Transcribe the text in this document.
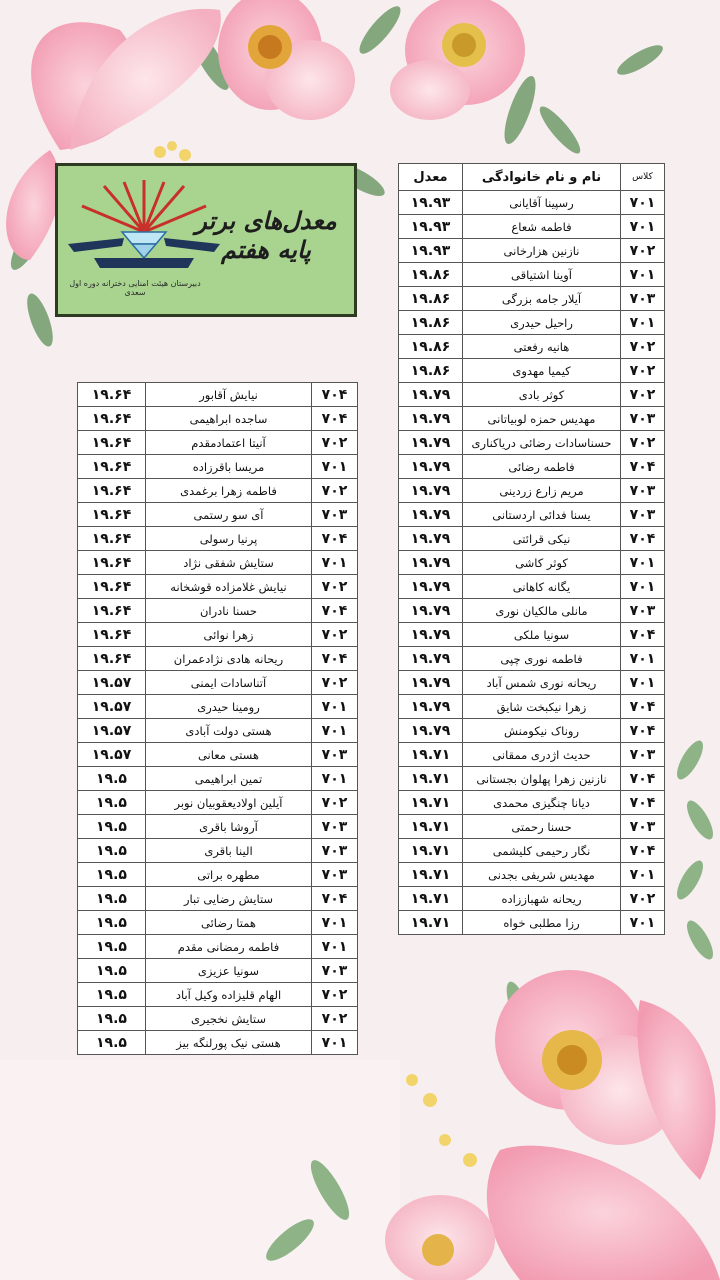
معدل‌های برتر پایه هفتم
دبیرستان هیئت امنایی دخترانه دوره اول سعدی
کلاس	نام و نام خانوادگی	معدل
۷۰۱	رسپینا آقایانی	۱۹.۹۳
۷۰۱	فاطمه شعاع	۱۹.۹۳
۷۰۲	نازنین هزارخانی	۱۹.۹۳
۷۰۱	آوینا اشتیاقی	۱۹.۸۶
۷۰۳	آیلار جامه بزرگی	۱۹.۸۶
۷۰۱	راحیل حیدری	۱۹.۸۶
۷۰۲	هانیه رفعتی	۱۹.۸۶
۷۰۲	کیمیا مهدوی	۱۹.۸۶
۷۰۲	کوثر بادی	۱۹.۷۹
۷۰۳	مهدیس حمزه لوبیاتانی	۱۹.۷۹
۷۰۲	حسناسادات رضائی دریاکناری	۱۹.۷۹
۷۰۴	فاطمه رضائی	۱۹.۷۹
۷۰۳	مریم زارع زردینی	۱۹.۷۹
۷۰۳	یسنا فدائی اردستانی	۱۹.۷۹
۷۰۴	نیکی قرائتی	۱۹.۷۹
۷۰۱	کوثر کاشی	۱۹.۷۹
۷۰۱	یگانه کاهانی	۱۹.۷۹
۷۰۳	مانلی مالکیان نوری	۱۹.۷۹
۷۰۴	سونیا ملکی	۱۹.۷۹
۷۰۱	فاطمه نوری چپی	۱۹.۷۹
۷۰۱	ریحانه نوری شمس آباد	۱۹.۷۹
۷۰۴	زهرا نیکبخت شایق	۱۹.۷۹
۷۰۴	روناک نیکومنش	۱۹.۷۹
۷۰۳	حدیث اژدری ممقانی	۱۹.۷۱
۷۰۴	نازنین زهرا پهلوان بجستانی	۱۹.۷۱
۷۰۴	دیانا چنگیزی محمدی	۱۹.۷۱
۷۰۳	حسنا رحمتی	۱۹.۷۱
۷۰۴	نگار رحیمی کلیشمی	۱۹.۷۱
۷۰۱	مهدیس شریفی بجدنی	۱۹.۷۱
۷۰۲	ریحانه شهباززاده	۱۹.۷۱
۷۰۱	رزا مطلبی خواه	۱۹.۷۱
۷۰۴	نیایش آقابور	۱۹.۶۴
۷۰۴	ساجده ابراهیمی	۱۹.۶۴
۷۰۲	آنیتا اعتمادمقدم	۱۹.۶۴
۷۰۱	مریسا باقرزاده	۱۹.۶۴
۷۰۲	فاطمه زهرا برغمدی	۱۹.۶۴
۷۰۳	آی سو رستمی	۱۹.۶۴
۷۰۴	پرنیا رسولی	۱۹.۶۴
۷۰۱	ستایش شفقی نژاد	۱۹.۶۴
۷۰۲	نیایش غلامزاده قوشخانه	۱۹.۶۴
۷۰۴	حسنا نادران	۱۹.۶۴
۷۰۲	زهرا نوائی	۱۹.۶۴
۷۰۴	ریحانه هادی نژادعمران	۱۹.۶۴
۷۰۲	آتناسادات ایمنی	۱۹.۵۷
۷۰۱	رومینا حیدری	۱۹.۵۷
۷۰۱	هستی دولت آبادی	۱۹.۵۷
۷۰۳	هستی معانی	۱۹.۵۷
۷۰۱	تمین ابراهیمی	۱۹.۵
۷۰۲	آیلین اولادیعقوبیان نوبر	۱۹.۵
۷۰۳	آروشا باقری	۱۹.۵
۷۰۳	الینا باقری	۱۹.۵
۷۰۳	مطهره براتی	۱۹.۵
۷۰۴	ستایش رضایی تبار	۱۹.۵
۷۰۱	همتا رضائی	۱۹.۵
۷۰۱	فاطمه رمضانی مقدم	۱۹.۵
۷۰۳	سونیا عزیزی	۱۹.۵
۷۰۲	الهام قلیزاده وکیل آباد	۱۹.۵
۷۰۲	ستایش نخجیری	۱۹.۵
۷۰۱	هستی نیک پورلنگه بیز	۱۹.۵
